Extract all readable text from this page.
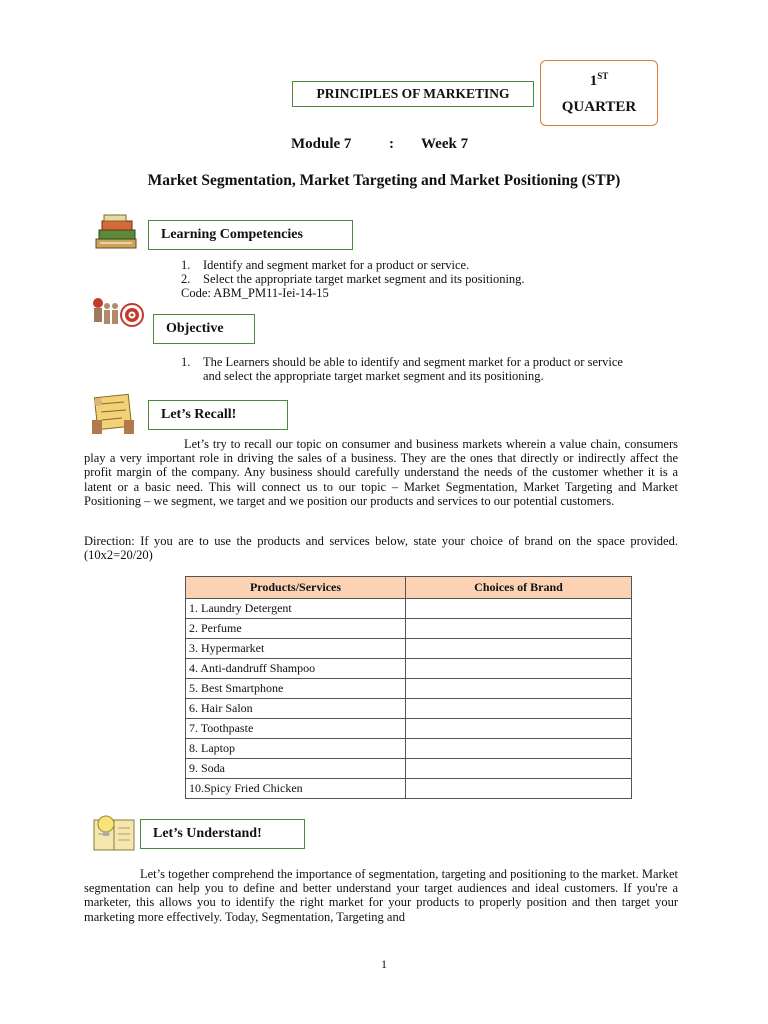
PRINCIPLES OF MARKETING
1ST
QUARTER
Module 7	: Week 7
Market Segmentation, Market Targeting and Market Positioning (STP)
Learning Competencies
1. Identify and segment market for a product or service.
2. Select the appropriate target market segment and its positioning.
Code: ABM_PM11-Iei-14-15
Objective
1. The Learners should be able to identify and segment market for a product or service
and select the appropriate target market segment and its positioning.
Let’s Recall!
Let’s try to recall our topic on consumer and business markets wherein a value chain, consumers play a very important role in driving the sales of a business. They are the ones that directly or indirectly affect the profit margin of the company. Any business should carefully understand the needs of the customer whether it is a latent or a basic need. This will connect us to our topic – Market Segmentation, Market Targeting and Market Positioning – we segment, we target and we position our products and services to our potential customers.
Direction: If you are to use the products and services below, state your choice of brand on the space provided. (10x2=20/20)
Products/Services	Choices of Brand
1. Laundry Detergent	
2. Perfume	
3. Hypermarket	
4. Anti-dandruff Shampoo	
5. Best Smartphone	
6. Hair Salon	
7. Toothpaste	
8. Laptop	
9. Soda	
10.Spicy Fried Chicken	
Let’s Understand!
Let’s together comprehend the importance of segmentation, targeting and positioning to the market. Market segmentation can help you to define and better understand your target audiences and ideal customers. If you're a marketer, this allows you to identify the right market for your products to properly position and then target your marketing more effectively. Today, Segmentation, Targeting and
1
